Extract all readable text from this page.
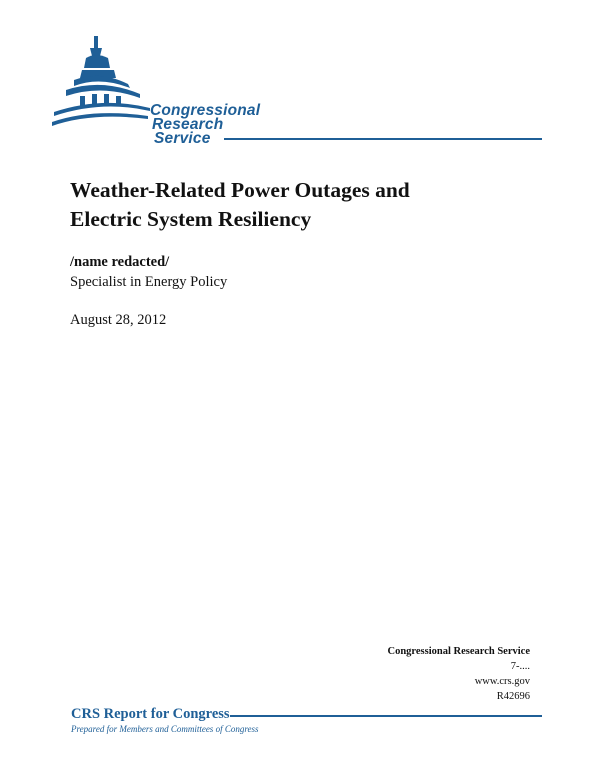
Congressional
Research
Service
Weather-Related Power Outages and
Electric System Resiliency
/name redacted/
Specialist in Energy Policy
August 28, 2012
Congressional Research Service
7-....
www.crs.gov
R42696
CRS Report for Congress
Prepared for Members and Committees of Congress
